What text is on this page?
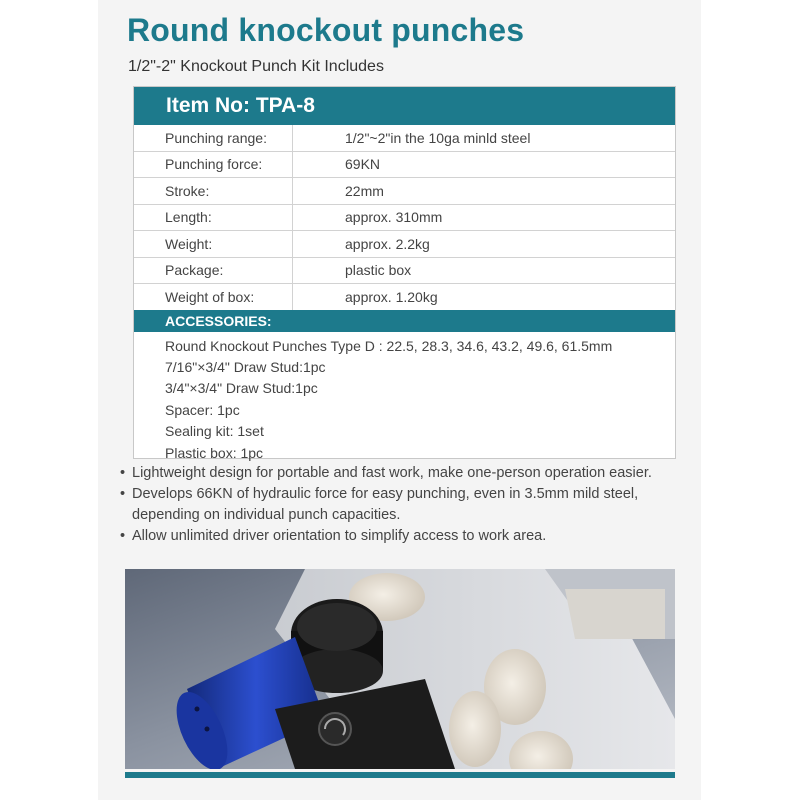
Round knockout punches
1/2"-2" Knockout Punch Kit Includes
Item No: TPA-8
Punching range:	1/2"~2"in the 10ga minld steel
Punching force:	69KN
Stroke:	22mm
Length:	approx. 310mm
Weight:	approx. 2.2kg
Package:	plastic box
Weight of box:	approx. 1.20kg
ACCESSORIES:
Round Knockout Punches Type D : 22.5, 28.3, 34.6, 43.2, 49.6, 61.5mm
7/16"×3/4" Draw Stud:1pc
3/4"×3/4" Draw Stud:1pc
Spacer: 1pc
Sealing kit: 1set
Plastic box: 1pc
• Lightweight design for portable and fast work, make one-person operation easier.
• Develops 66KN of hydraulic force for easy punching, even in 3.5mm mild steel, depending on individual punch capacities.
• Allow unlimited driver orientation to simplify access to work area.
